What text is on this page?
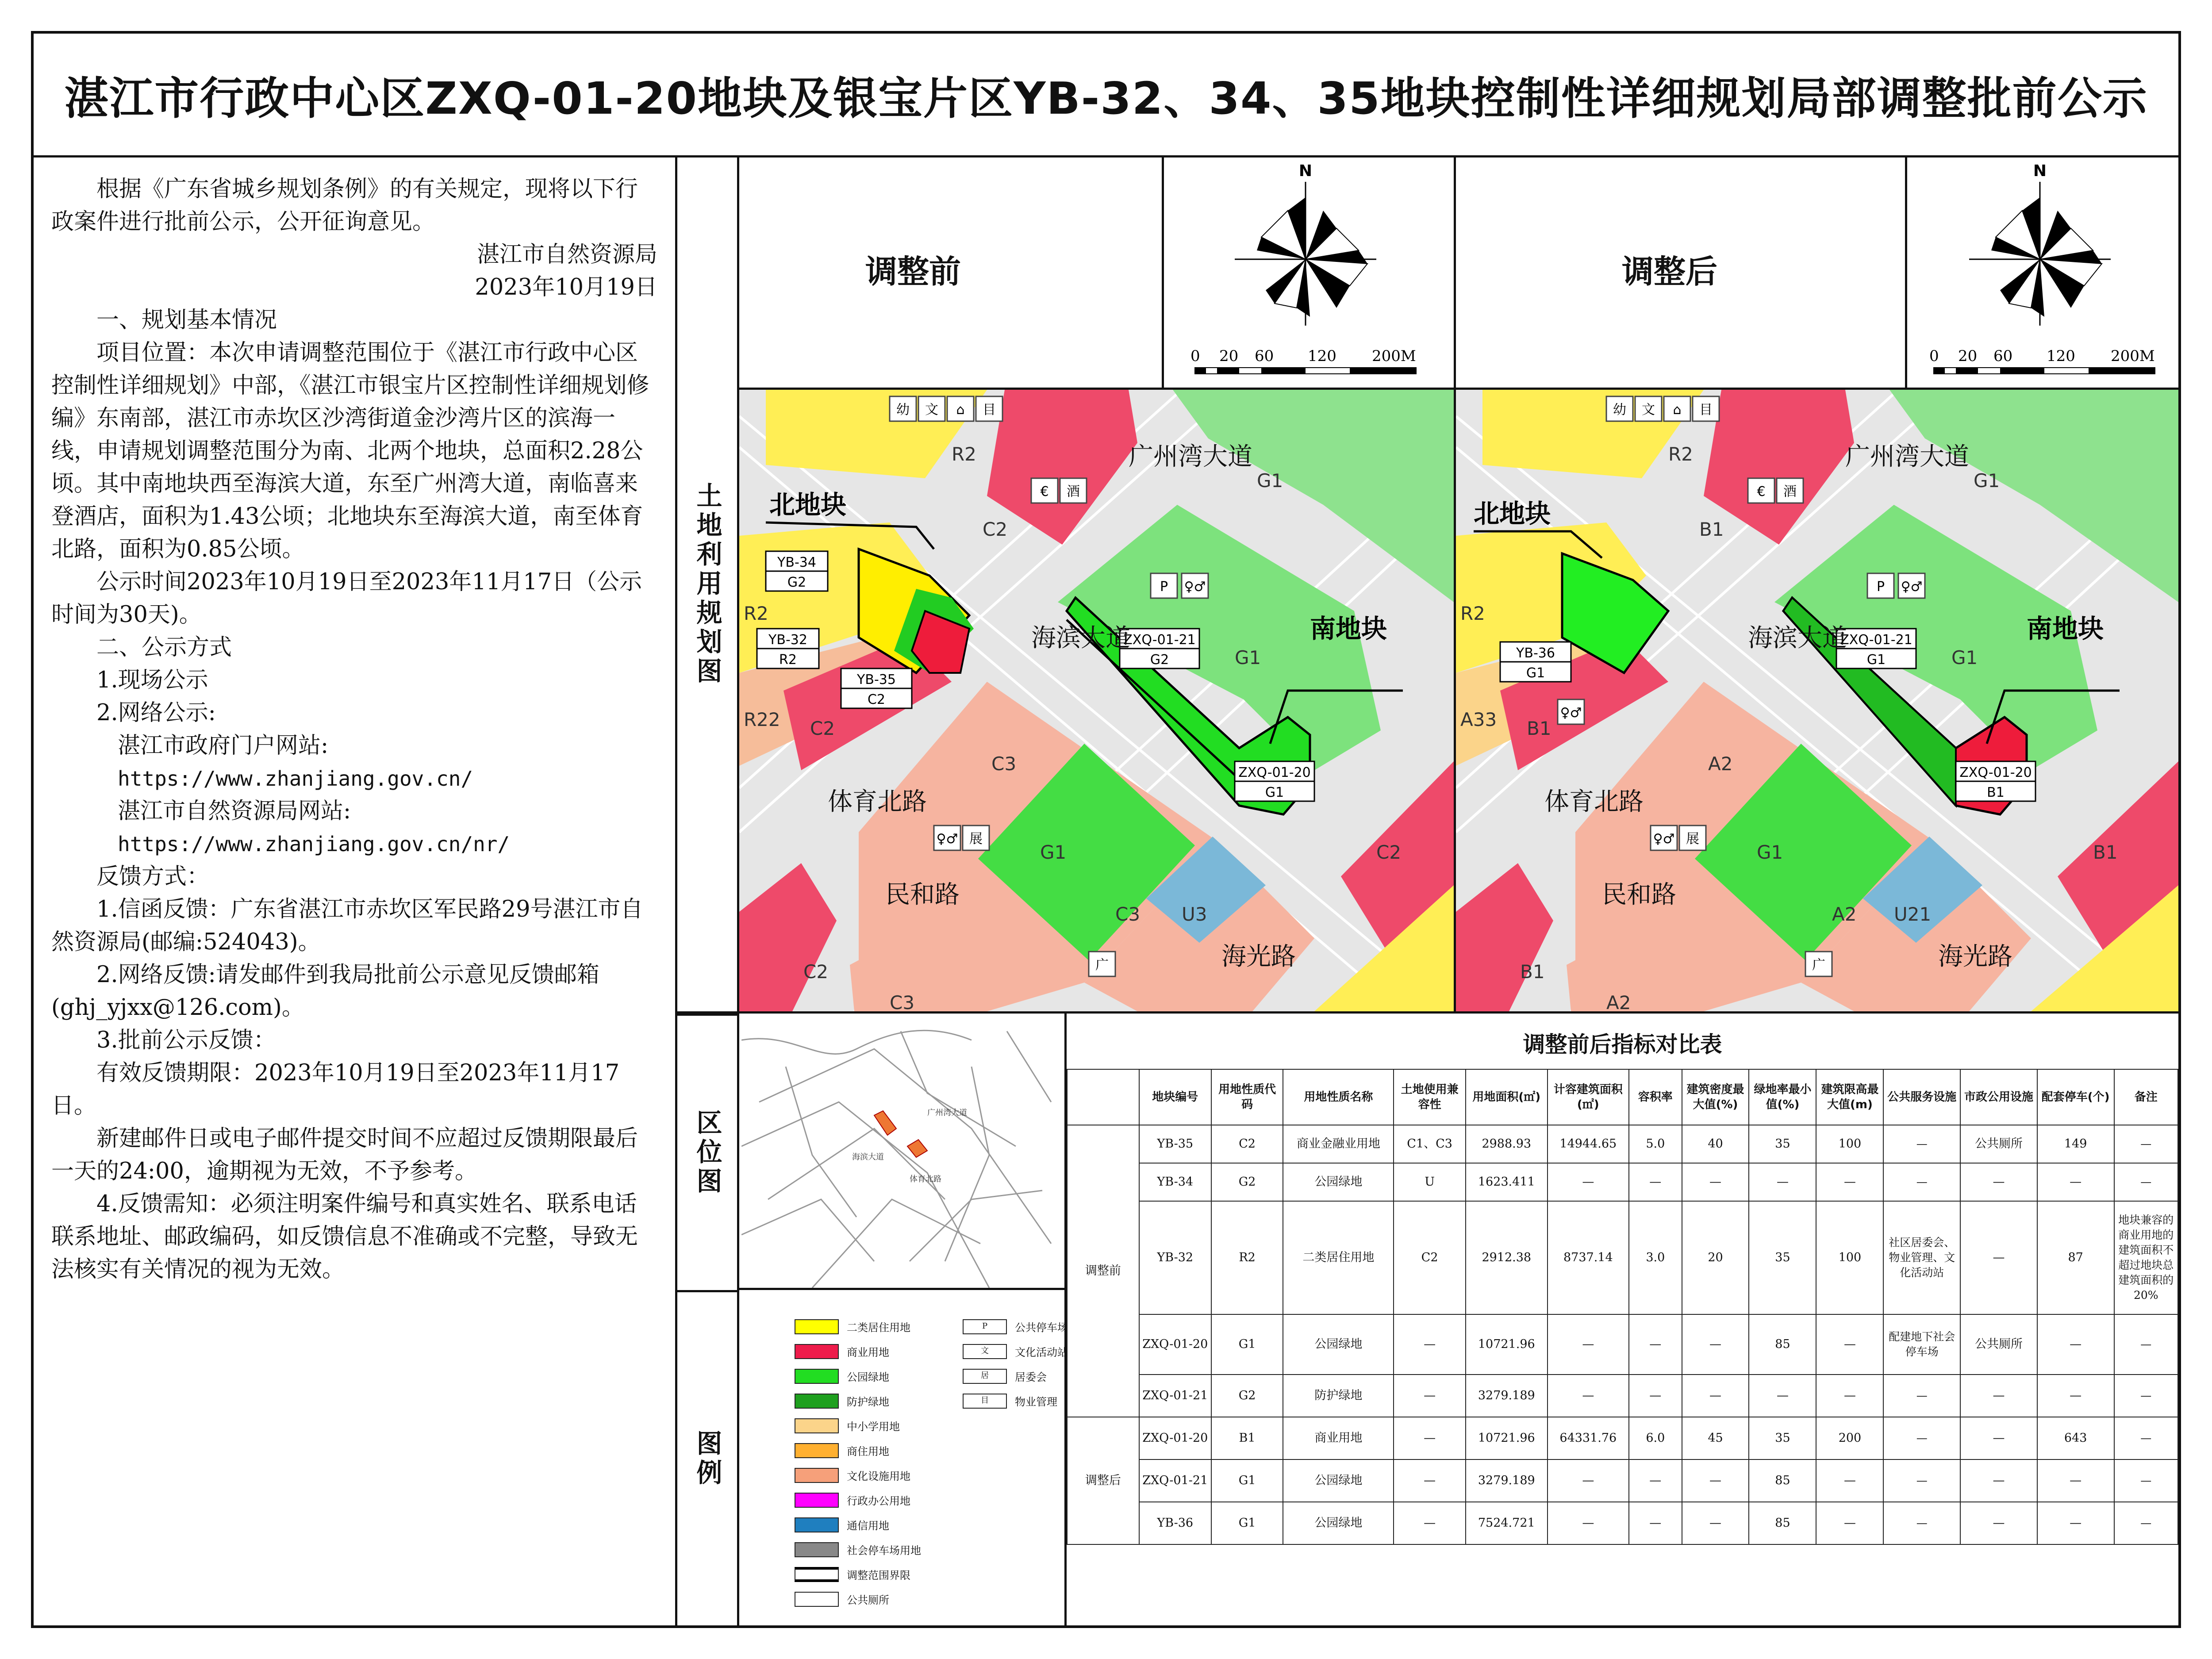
湛江市行政中心区ZXQ-01-20地块及银宝片区YB-32、34、35地块控制性详细规划局部调整批前公示

根据《广东省城乡规划条例》的有关规定，现将以下行政案件进行批前公示，公开征询意见。

湛江市自然资源局

2023年10月19日

一、规划基本情况

项目位置：本次申请调整范围位于《湛江市行政中心区控制性详细规划》中部，《湛江市银宝片区控制性详细规划修编》东南部，湛江市赤坎区沙湾街道金沙湾片区的滨海一线，申请规划调整范围分为南、北两个地块，总面积2.28公顷。其中南地块西至海滨大道，东至广州湾大道，南临喜来登酒店，面积为1.43公顷；北地块东至海滨大道，南至体育北路，面积为0.85公顷。

公示时间2023年10月19日至2023年11月17日（公示时间为30天)。

二、公示方式

1.现场公示

2.网络公示:

湛江市政府门户网站:

https://www.zhanjiang.gov.cn/

湛江市自然资源局网站:

https://www.zhanjiang.gov.cn/nr/

反馈方式：

1.信函反馈：广东省湛江市赤坎区军民路29号湛江市自然资源局(邮编:524043)。

2.网络反馈:请发邮件到我局批前公示意见反馈邮箱(ghj_yjxx@126.com)。

3.批前公示反馈：

有效反馈期限：2023年10月19日至2023年11月17日。

新建邮件日或电子邮件提交时间不应超过反馈期限最后一天的24:00，逾期视为无效，不予参考。

4.反馈需知：必须注明案件编号和真实姓名、联系电话联系地址、邮政编码，如反馈信息不准确或不完整，导致无法核实有关情况的视为无效。

土地利用规划图
区位图
图例
调整前	调整后
N
0 20 60 120 200M
N
0 20 60 120 200M
北地块
南地块
YB-34
G2
YB-32
R2
YB-35
C2
ZXQ-01-21
G2
ZXQ-01-20
G1
R2
C2
G1
G1
R2
R22 C2
C3
G1
C3 U3
C2
C2
C3
广州湾大道
海滨大道
体育北路
民和路
海光路
幼 文 ⌂ 目
€ 酒
P ♀♂
♀♂ 展
广
北地块
南地块
YB-36
G1
ZXQ-01-21
G1
ZXQ-01-20
B1
R2
B1
G1
G1
R2
A33 B1
A2
G1
A2 U21
B1
B1
A2
广州湾大道
海滨大道
体育北路
民和路
海光路
幼 文 ⌂ 目
€ 酒
P ♀♂
♀♂
♀♂ 展
广
广州湾大道
海滨大道
体育北路
二类居住用地
商业用地
公园绿地
防护绿地
中小学用地
商住用地
文化设施用地
行政办公用地
通信用地
社会停车场用地
调整范围界限
公共厕所
P	公共停车场
文	文化活动站
居	居委会
目	物业管理
调整前后指标对比表
	地块编号	用地性质代码	用地性质名称	土地使用兼容性	用地面积(㎡)	计容建筑面积(㎡)	容积率	建筑密度最大值(%)	绿地率最小值(%)	建筑限高最大值(m)	公共服务设施	市政公用设施	配套停车(个)	备注
调整前	YB-35	C2	商业金融业用地	C1、C3	2988.93	14944.65	5.0	40	35	100	—	公共厕所	149	—
	YB-34	G2	公园绿地	U	1623.411	—	—	—	—	—	—	—	—	—
	YB-32	R2	二类居住用地	C2	2912.38	8737.14	3.0	20	35	100	社区居委会、物业管理、文化活动站	—	87	地块兼容的商业用地的建筑面积不超过地块总建筑面积的20%
	ZXQ-01-20	G1	公园绿地	—	10721.96	—	—	—	85	—	配建地下社会停车场	公共厕所	—	—
	ZXQ-01-21	G2	防护绿地	—	3279.189	—	—	—	—	—	—	—	—	—
调整后	ZXQ-01-20	B1	商业用地	—	10721.96	64331.76	6.0	45	35	200	—	—	643	—
	ZXQ-01-21	G1	公园绿地	—	3279.189	—	—	—	85	—	—	—	—	—
	YB-36	G1	公园绿地	—	7524.721	—	—	—	85	—	—	—	—	—
